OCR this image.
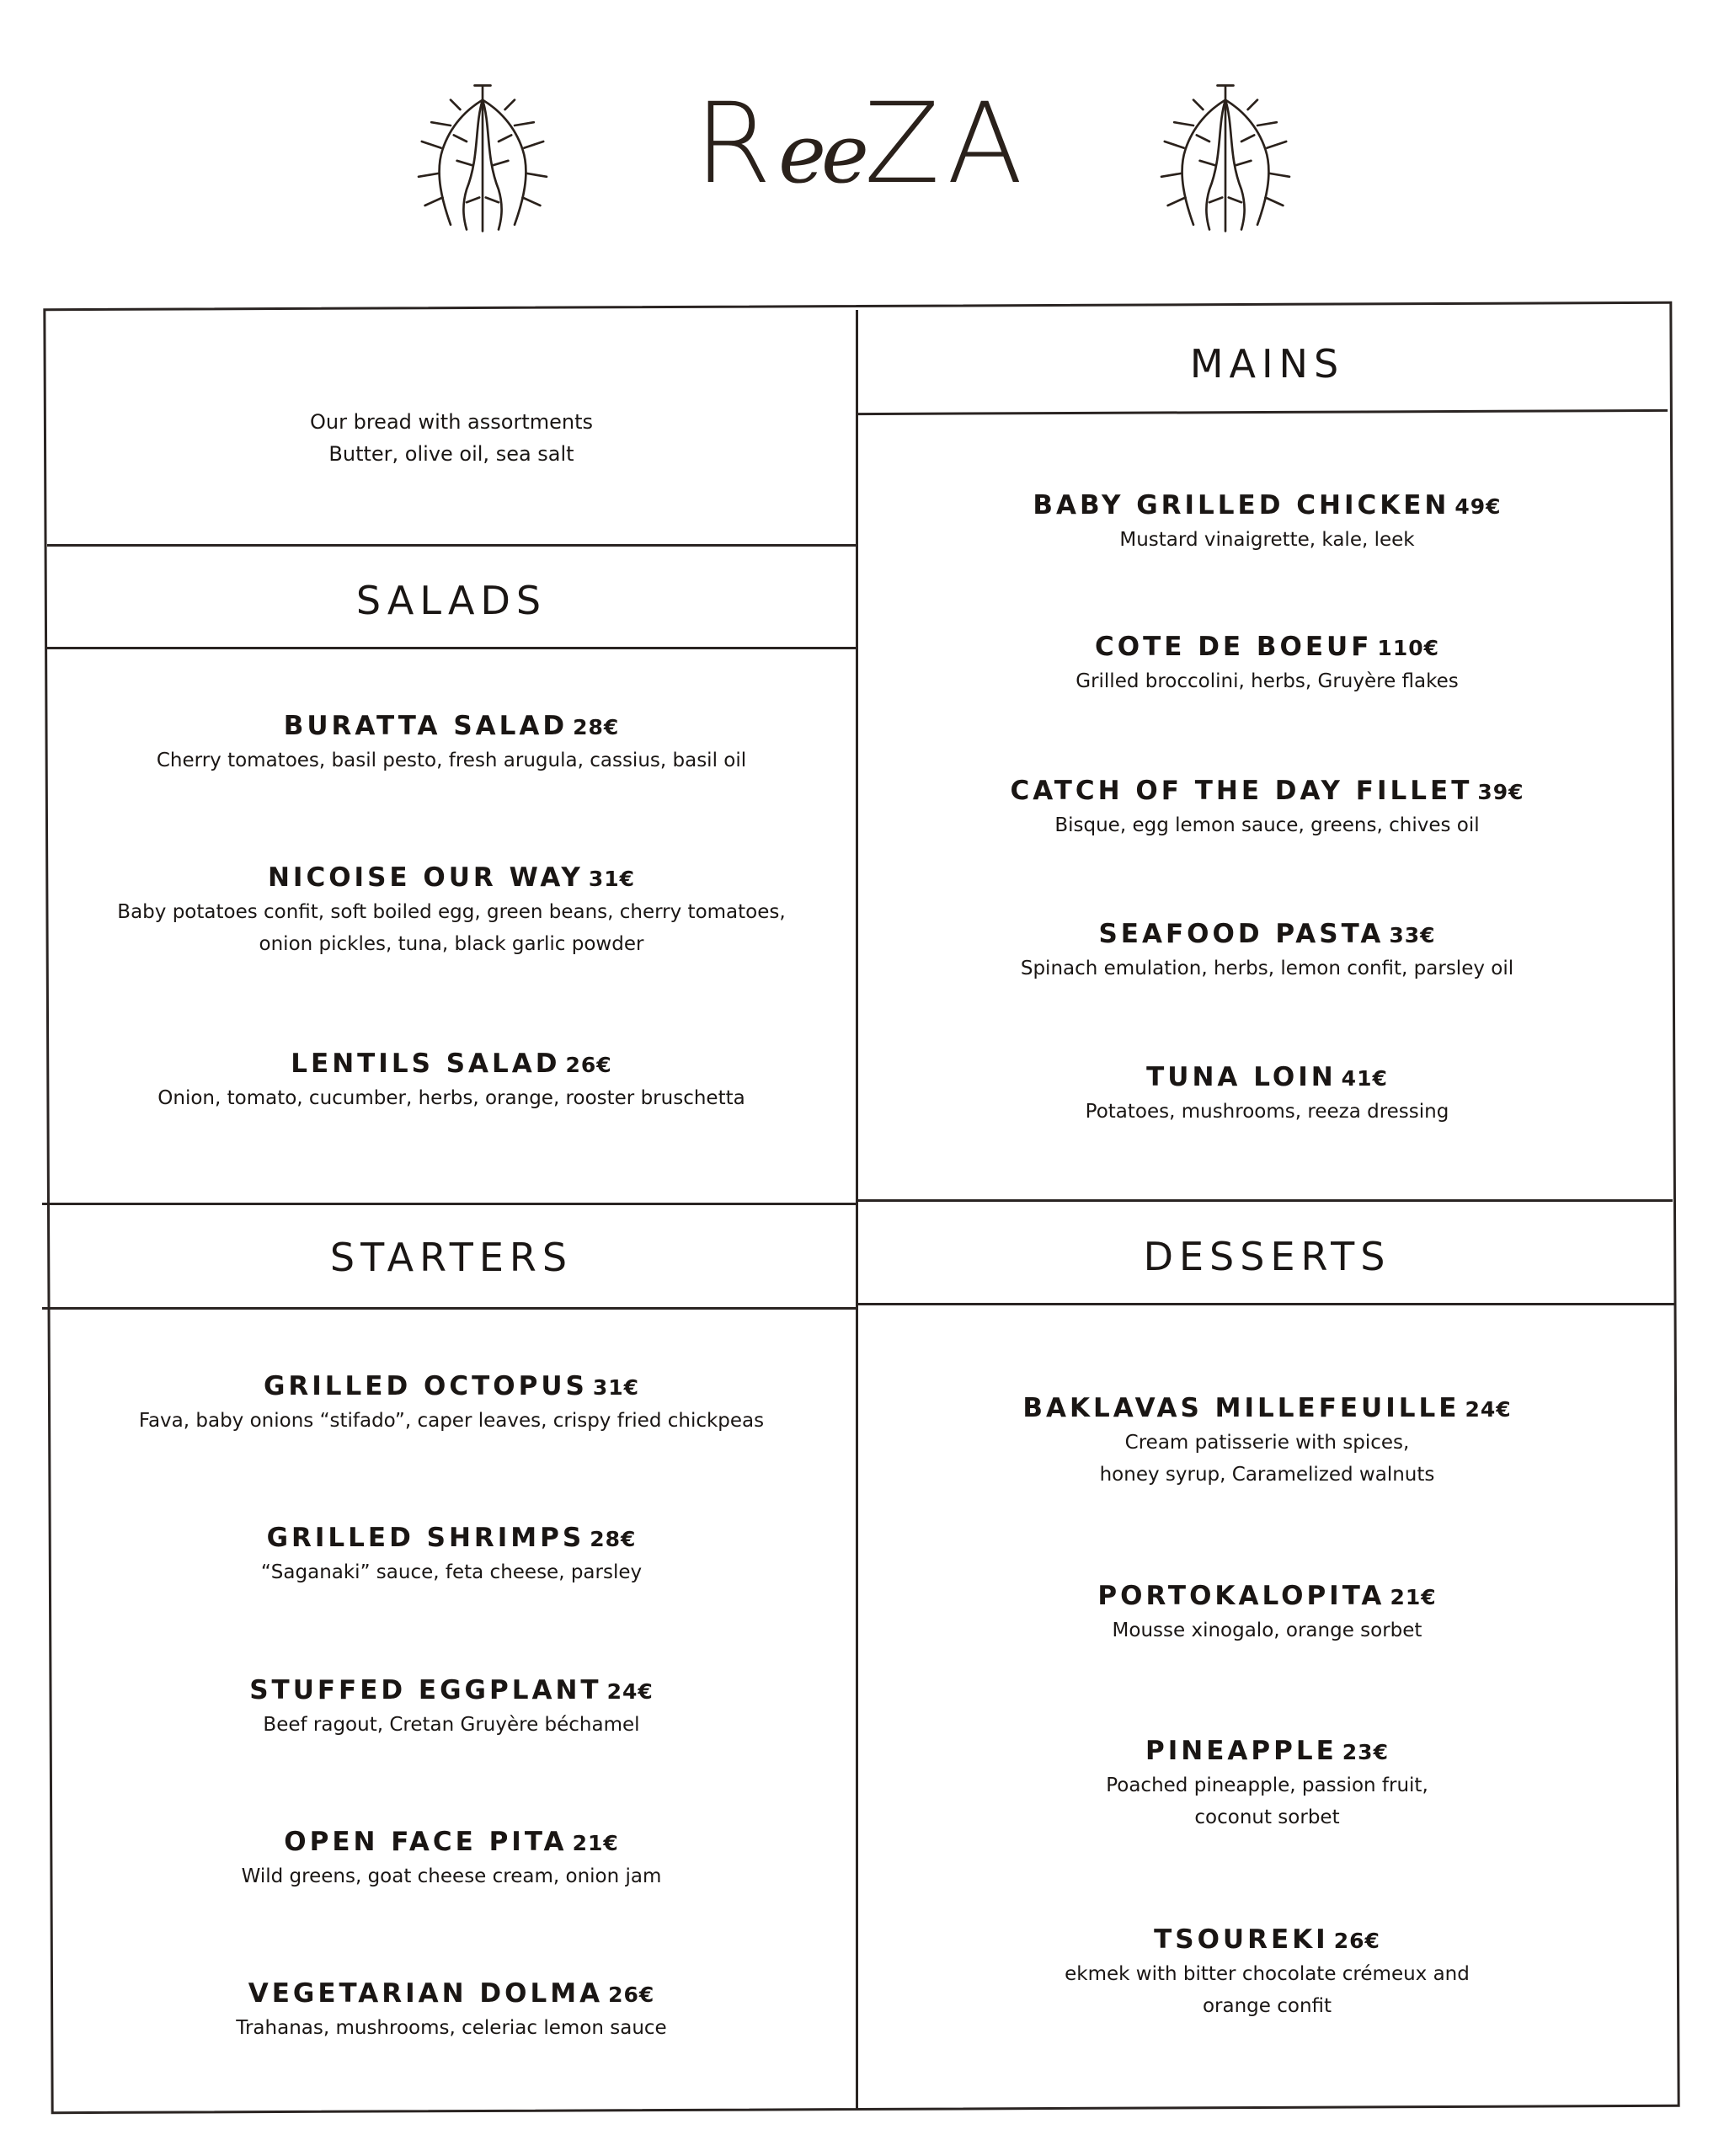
ReeZA
Our bread with assortments
Butter, olive oil, sea salt
SALADS
BURATTA SALAD 28€
Cherry tomatoes, basil pesto, fresh arugula, cassius, basil oil
NICOISE OUR WAY 31€
Baby potatoes confit, soft boiled egg, green beans, cherry tomatoes,
onion pickles, tuna, black garlic powder
LENTILS SALAD 26€
Onion, tomato, cucumber, herbs, orange, rooster bruschetta
STARTERS
GRILLED OCTOPUS 31€
Fava, baby onions “stifado”, caper leaves, crispy fried chickpeas
GRILLED SHRIMPS 28€
“Saganaki” sauce, feta cheese, parsley
STUFFED EGGPLANT 24€
Beef ragout, Cretan Gruyère béchamel
OPEN FACE PITA 21€
Wild greens, goat cheese cream, onion jam
VEGETARIAN DOLMA 26€
Trahanas, mushrooms, celeriac lemon sauce
MAINS
BABY GRILLED CHICKEN 49€
Mustard vinaigrette, kale, leek
COTE DE BOEUF 110€
Grilled broccolini, herbs, Gruyère flakes
CATCH OF THE DAY FILLET 39€
Bisque, egg lemon sauce, greens, chives oil
SEAFOOD PASTA 33€
Spinach emulation, herbs, lemon confit, parsley oil
TUNA LOIN 41€
Potatoes, mushrooms, reeza dressing
DESSERTS
BAKLAVAS MILLEFEUILLE 24€
Cream patisserie with spices,
honey syrup, Caramelized walnuts
PORTOKALOPITA 21€
Mousse xinogalo, orange sorbet
PINEAPPLE 23€
Poached pineapple, passion fruit,
coconut sorbet
TSOUREKI 26€
ekmek with bitter chocolate crémeux and
orange confit
